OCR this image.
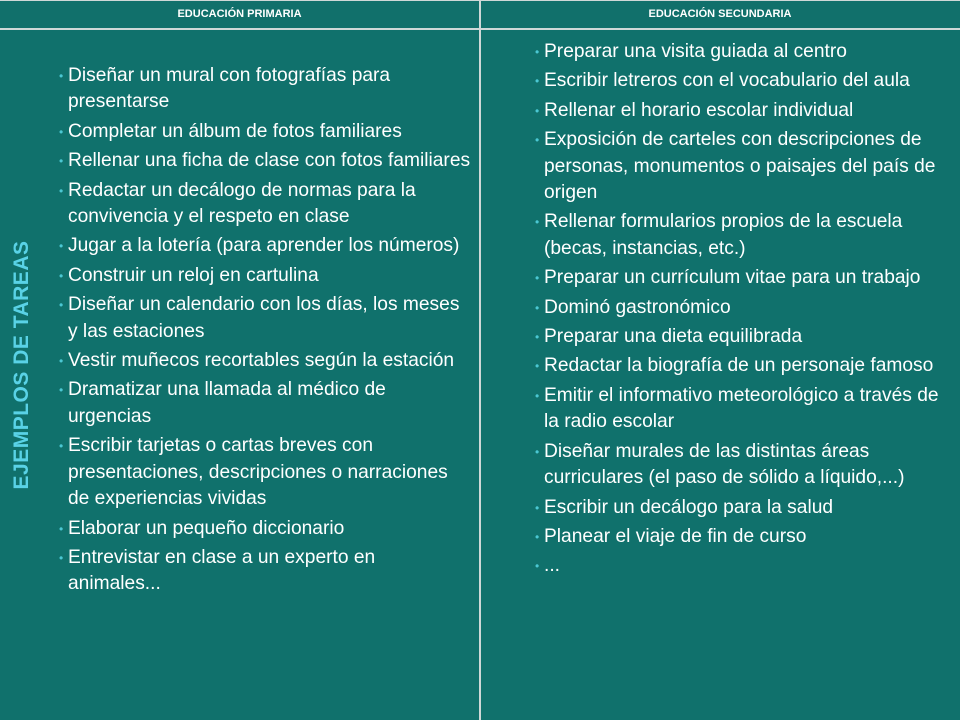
EDUCACIÓN PRIMARIA	EDUCACIÓN SECUNDARIA
EJEMPLOS DE TAREAS
• Diseñar un mural con fotografías para presentarse
• Completar un álbum de fotos familiares
• Rellenar una ficha de clase con fotos familiares
• Redactar un decálogo de normas para la convivencia y el respeto en clase
• Jugar a la lotería (para aprender los números)
• Construir un reloj en cartulina
• Diseñar un calendario con los días, los meses y las estaciones
• Vestir muñecos recortables según la estación
• Dramatizar una llamada al médico de urgencias
• Escribir tarjetas o cartas breves con presentaciones, descripciones o narraciones de experiencias vividas
• Elaborar un pequeño diccionario
• Entrevistar en clase a un experto en animales...
• Preparar una visita guiada al centro
• Escribir letreros con el vocabulario del aula
• Rellenar el horario escolar individual
• Exposición de carteles con descripciones de personas, monumentos o paisajes del país de origen
• Rellenar formularios propios de la escuela (becas, instancias, etc.)
• Preparar un currículum vitae para un trabajo
• Dominó gastronómico
• Preparar una dieta equilibrada
• Redactar la biografía de un personaje famoso
• Emitir el informativo meteorológico a través de la radio escolar
• Diseñar murales de las distintas áreas curriculares (el paso de sólido a líquido,...)
• Escribir un decálogo para la salud
• Planear el viaje de fin de curso
• ...
